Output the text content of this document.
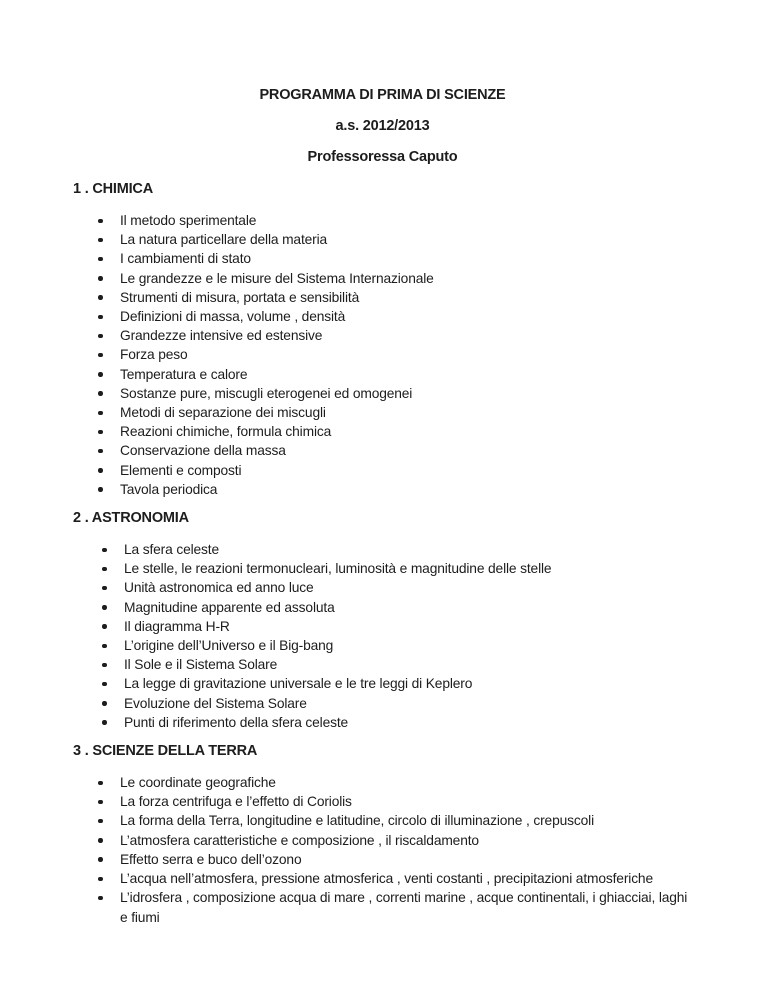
PROGRAMMA DI PRIMA DI SCIENZE

a.s. 2012/2013

Professoressa Caputo

1 . CHIMICA
Il metodo sperimentale
La natura particellare della materia
I cambiamenti di stato
Le grandezze e le misure del Sistema Internazionale
Strumenti di misura, portata e sensibilità
Definizioni di massa, volume , densità
Grandezze intensive ed estensive
Forza peso
Temperatura e calore
Sostanze pure, miscugli eterogenei ed omogenei
Metodi di separazione dei miscugli
Reazioni chimiche, formula chimica
Conservazione della massa
Elementi e composti
Tavola periodica
2 . ASTRONOMIA
La sfera celeste
Le stelle, le reazioni termonucleari, luminosità e magnitudine delle stelle
Unità astronomica ed anno luce
Magnitudine apparente ed assoluta
Il diagramma H-R
L’origine dell’Universo e il Big-bang
Il Sole e il Sistema Solare
La legge di gravitazione universale e le tre leggi di Keplero
Evoluzione del Sistema Solare
Punti di riferimento della sfera celeste
3 . SCIENZE DELLA TERRA
Le coordinate geografiche
La forza centrifuga e l’effetto di Coriolis
La forma della Terra, longitudine e latitudine, circolo di illuminazione , crepuscoli
L’atmosfera caratteristiche e composizione , il riscaldamento
Effetto serra e buco dell’ozono
L’acqua nell’atmosfera, pressione atmosferica , venti costanti , precipitazioni atmosferiche
L’idrosfera , composizione acqua di mare , correnti marine , acque continentali, i ghiacciai, laghi e fiumi
